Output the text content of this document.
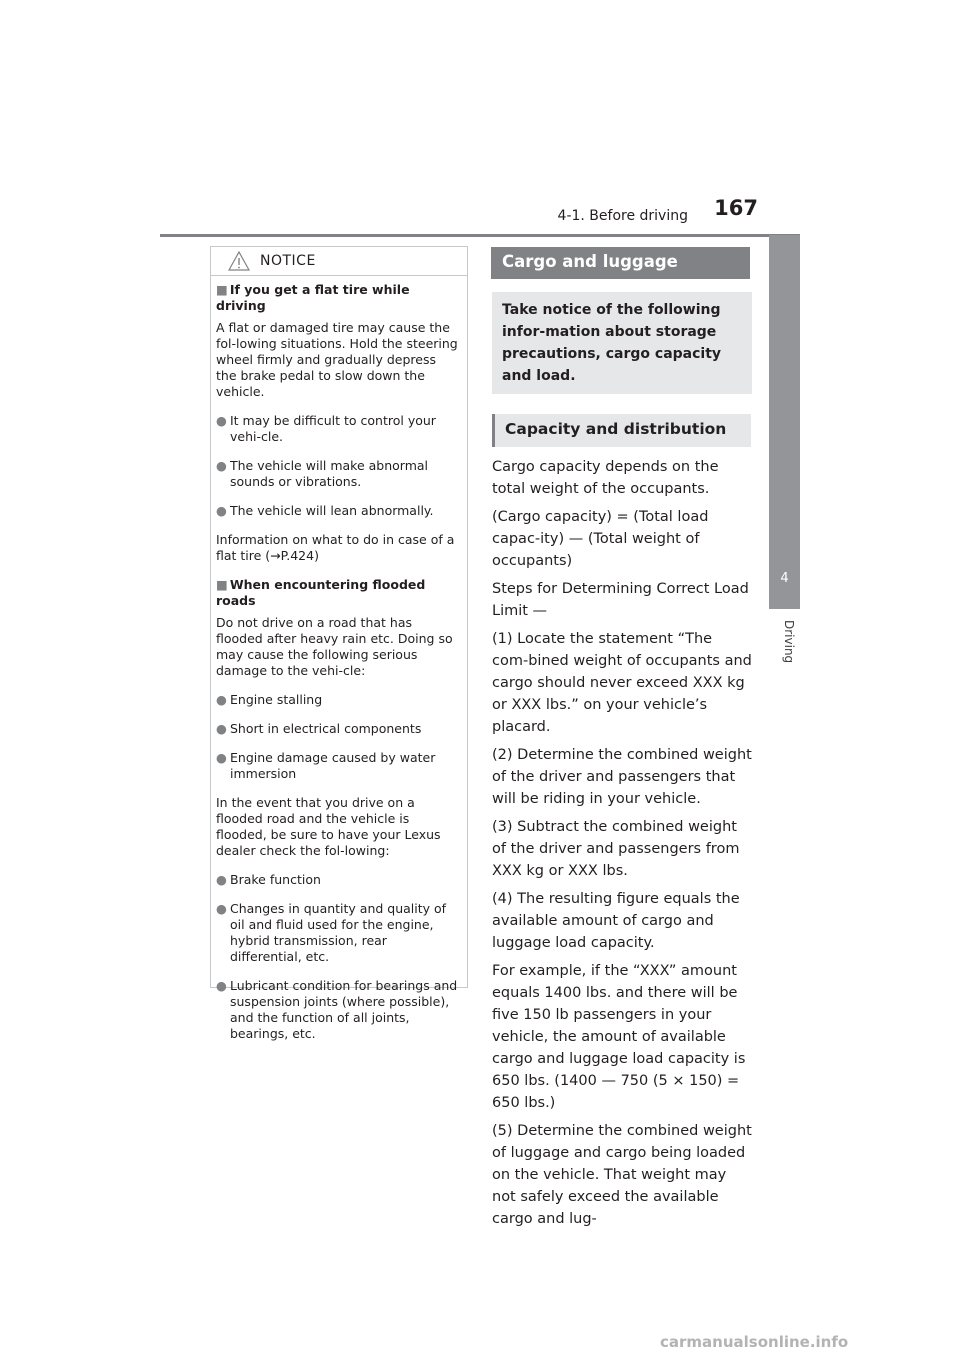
4-1. Before driving 167
4
Driving
NOTICE
■ If you get a flat tire while driving
A flat or damaged tire may cause the fol-lowing situations. Hold the steering wheel firmly and gradually depress the brake pedal to slow down the vehicle.
● It may be difficult to control your vehi-cle.
● The vehicle will make abnormal sounds or vibrations.
● The vehicle will lean abnormally.
Information on what to do in case of a flat tire (→P.424)
■ When encountering flooded roads
Do not drive on a road that has flooded after heavy rain etc. Doing so may cause the following serious damage to the vehi-cle:
● Engine stalling
● Short in electrical components
● Engine damage caused by water immersion
In the event that you drive on a flooded road and the vehicle is flooded, be sure to have your Lexus dealer check the fol-lowing:
● Brake function
● Changes in quantity and quality of oil and fluid used for the engine, hybrid transmission, rear differential, etc.
● Lubricant condition for bearings and suspension joints (where possible), and the function of all joints, bearings, etc.
Cargo and luggage
Take notice of the following infor-mation about storage precautions, cargo capacity and load.
Capacity and distribution

Cargo capacity depends on the total weight of the occupants.

(Cargo capacity) = (Total load capac-ity) — (Total weight of occupants)

Steps for Determining Correct Load Limit —

(1) Locate the statement “The com-bined weight of occupants and cargo should never exceed XXX kg or XXX lbs.” on your vehicle’s placard.

(2) Determine the combined weight of the driver and passengers that will be riding in your vehicle.

(3) Subtract the combined weight of the driver and passengers from XXX kg or XXX lbs.

(4) The resulting figure equals the available amount of cargo and luggage load capacity.

For example, if the “XXX” amount equals 1400 lbs. and there will be five 150 lb passengers in your vehicle, the amount of available cargo and luggage load capacity is 650 lbs. (1400 — 750 (5 × 150) = 650 lbs.)

(5) Determine the combined weight of luggage and cargo being loaded on the vehicle. That weight may not safely exceed the available cargo and lug-

carmanualsonline.info
